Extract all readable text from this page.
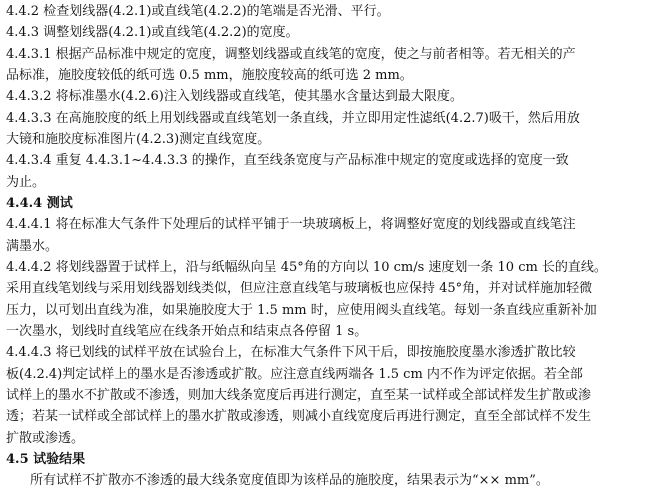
4.4.2 检查划线器(4.2.1)或直线笔(4.2.2)的笔端是否光滑、平行。
4.4.3 调整划线器(4.2.1)或直线笔(4.2.2)的宽度。
4.4.3.1 根据产品标准中规定的宽度，调整划线器或直线笔的宽度，使之与前者相等。若无相关的产
品标准，施胶度较低的纸可选 0.5 mm，施胶度较高的纸可选 2 mm。
4.4.3.2 将标准墨水(4.2.6)注入划线器或直线笔，使其墨水含量达到最大限度。
4.4.3.3 在高施胶度的纸上用划线器或直线笔划一条直线，并立即用定性滤纸(4.2.7)吸干，然后用放
大镜和施胶度标准图片(4.2.3)测定直线宽度。
4.4.3.4 重复 4.4.3.1~4.4.3.3 的操作，直至线条宽度与产品标准中规定的宽度或选择的宽度一致
为止。
4.4.4 测试
4.4.4.1 将在标准大气条件下处理后的试样平铺于一块玻璃板上，将调整好宽度的划线器或直线笔注
满墨水。
4.4.4.2 将划线器置于试样上，沿与纸幅纵向呈 45°角的方向以 10 cm/s 速度划一条 10 cm 长的直线。
采用直线笔划线与采用划线器划线类似，但应注意直线笔与玻璃板也应保持 45°角，并对试样施加轻微
压力，以可划出直线为准，如果施胶度大于 1.5 mm 时，应使用阀头直线笔。每划一条直线应重新补加
一次墨水，划线时直线笔应在线条开始点和结束点各停留 1 s。
4.4.4.3 将已划线的试样平放在试验台上，在标准大气条件下风干后，即按施胶度墨水渗透扩散比较
板(4.2.4)判定试样上的墨水是否渗透或扩散。应注意直线两端各 1.5 cm 内不作为评定依据。若全部
试样上的墨水不扩散或不渗透，则加大线条宽度后再进行测定，直至某一试样或全部试样发生扩散或渗
透；若某一试样或全部试样上的墨水扩散或渗透，则减小直线宽度后再进行测定，直至全部试样不发生
扩散或渗透。
4.5 试验结果
所有试样不扩散亦不渗透的最大线条宽度值即为该样品的施胶度，结果表示为“×× mm”。
